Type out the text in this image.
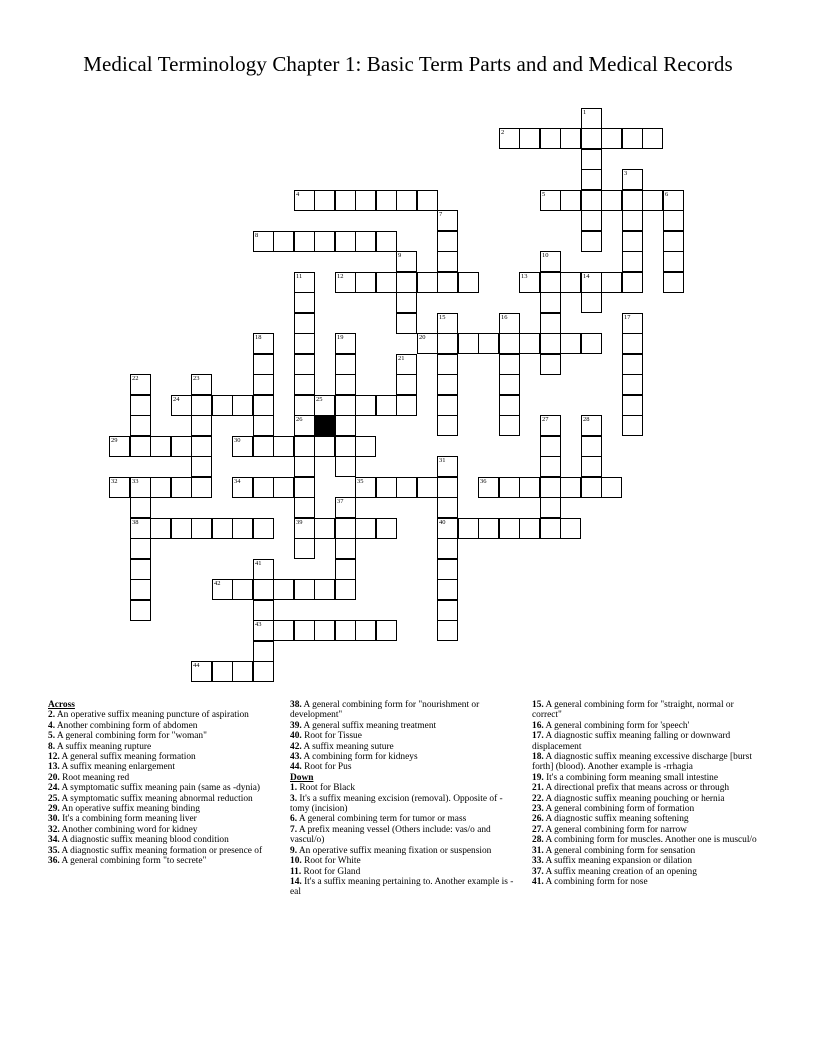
Medical Terminology Chapter 1: Basic Term Parts and and Medical Records
1
2
3
4	5	6
7
8
9	10
11	12	13	14
15	16	17
18	19	20
21
22	23
24	25
26	27	28
29	30
31
32 33	34	35	36
37
38	39	40
41
42
43
44

Across

2. An operative suffix meaning puncture of aspiration

4. Another combining form of abdomen

5. A general combining form for "woman"

8. A suffix meaning rupture

12. A general suffix meaning formation

13. A suffix meaning enlargement

20. Root meaning red

24. A symptomatic suffix meaning pain (same as -dynia)

25. A symptomatic suffix meaning abnormal reduction

29. An operative suffix meaning binding

30. It's a combining form meaning liver

32. Another combining word for kidney

34. A diagnostic suffix meaning blood condition

35. A diagnostic suffix meaning formation or presence of

36. A general combining form "to secrete"

38. A general combining form for "nourishment or development"

39. A general suffix meaning treatment

40. Root for Tissue

42. A suffix meaning suture

43. A combining form for kidneys

44. Root for Pus

Down

1. Root for Black

3. It's a suffix meaning excision (removal). Opposite of -tomy (incision)

6. A general combining term for tumor or mass

7. A prefix meaning vessel (Others include: vas/o and vascul/o)

9. An operative suffix meaning fixation or suspension

10. Root for White

11. Root for Gland

14. It's a suffix meaning pertaining to. Another example is -eal

15. A general combining form for "straight, normal or correct"

16. A general combining form for 'speech'

17. A diagnostic suffix meaning falling or downward displacement

18. A diagnostic suffix meaning excessive discharge [burst forth] (blood). Another example is -rrhagia

19. It's a combining form meaning small intestine

21. A directional prefix that means across or through

22. A diagnostic suffix meaning pouching or hernia

23. A general combining form of formation

26. A diagnostic suffix meaning softening

27. A general combining form for narrow

28. A combining form for muscles. Another one is muscul/o

31. A general combining form for sensation

33. A suffix meaning expansion or dilation

37. A suffix meaning creation of an opening

41. A combining form for nose
